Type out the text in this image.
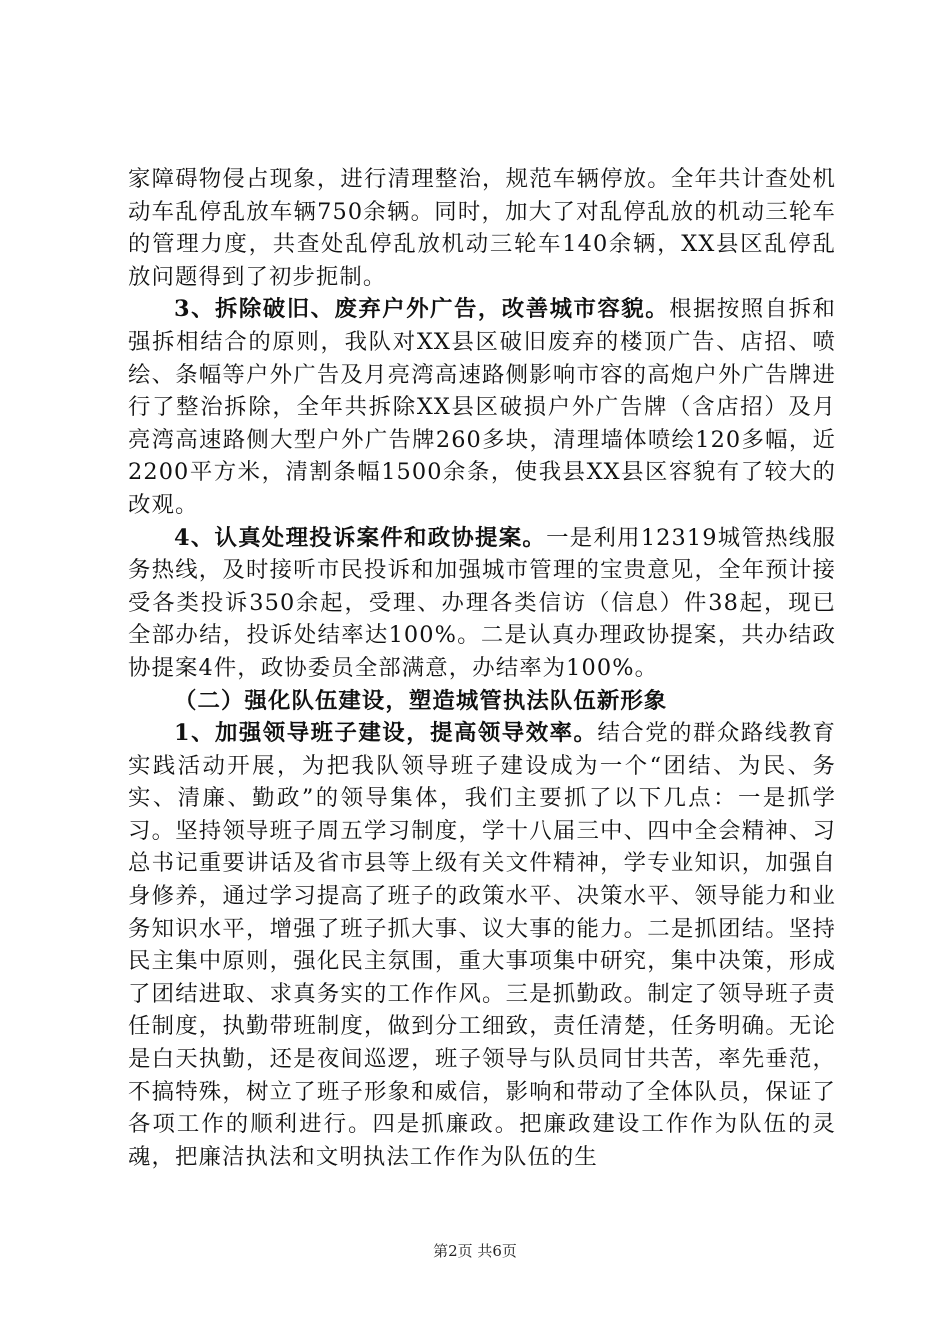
家障碍物侵占现象，进行清理整治，规范车辆停放。全年共计查处机动车乱停乱放车辆750余辆。同时，加大了对乱停乱放的机动三轮车的管理力度，共查处乱停乱放机动三轮车140余辆，XX县区乱停乱放问题得到了初步扼制。

3、拆除破旧、废弃户外广告，改善城市容貌。根据按照自拆和强拆相结合的原则，我队对XX县区破旧废弃的楼顶广告、店招、喷绘、条幅等户外广告及月亮湾高速路侧影响市容的高炮户外广告牌进行了整治拆除，全年共拆除XX县区破损户外广告牌（含店招）及月亮湾高速路侧大型户外广告牌260多块，清理墙体喷绘120多幅，近2200平方米，清割条幅1500余条，使我县XX县区容貌有了较大的改观。

4、认真处理投诉案件和政协提案。一是利用12319城管热线服务热线，及时接听市民投诉和加强城市管理的宝贵意见，全年预计接受各类投诉350余起，受理、办理各类信访（信息）件38起，现已全部办结，投诉处结率达100%。二是认真办理政协提案，共办结政协提案4件，政协委员全部满意，办结率为100%。

（二）强化队伍建设，塑造城管执法队伍新形象

1、加强领导班子建设，提高领导效率。结合党的群众路线教育实践活动开展，为把我队领导班子建设成为一个“团结、为民、务实、清廉、勤政”的领导集体，我们主要抓了以下几点：一是抓学习。坚持领导班子周五学习制度，学十八届三中、四中全会精神、习总书记重要讲话及省市县等上级有关文件精神，学专业知识，加强自身修养，通过学习提高了班子的政策水平、决策水平、领导能力和业务知识水平，增强了班子抓大事、议大事的能力。二是抓团结。坚持民主集中原则，强化民主氛围，重大事项集中研究，集中决策，形成了团结进取、求真务实的工作作风。三是抓勤政。制定了领导班子责任制度，执勤带班制度，做到分工细致，责任清楚，任务明确。无论是白天执勤，还是夜间巡逻，班子领导与队员同甘共苦，率先垂范，不搞特殊，树立了班子形象和威信，影响和带动了全体队员，保证了各项工作的顺利进行。四是抓廉政。把廉政建设工作作为队伍的灵魂，把廉洁执法和文明执法工作作为队伍的生

第2页 共6页
